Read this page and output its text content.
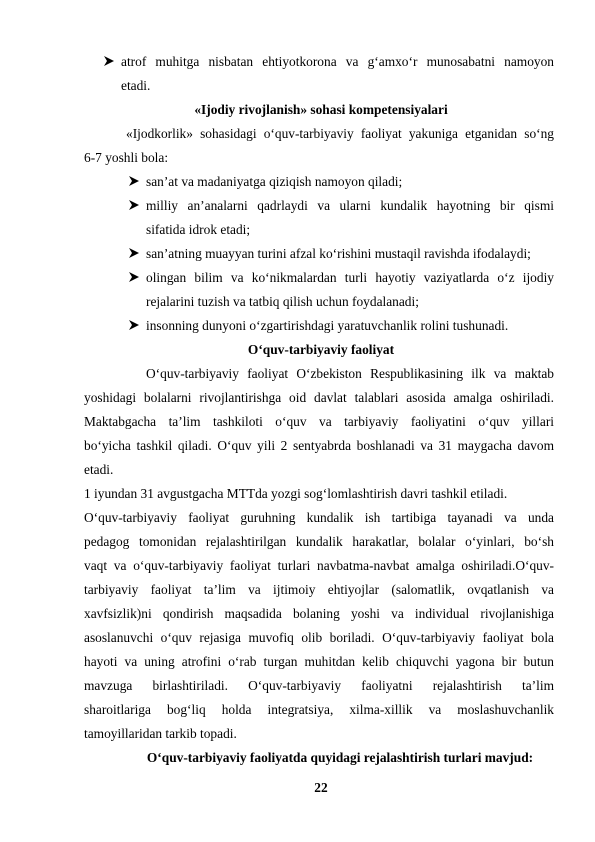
atrof muhitga nisbatan ehtiyotkorona va g‘amxo‘r munosabatni namoyon
etadi.
«Ijodiy rivojlanish» sohasi kompetensiyalari
«Ijodkorlik» sohasidagi o‘quv-tarbiyaviy faoliyat yakuniga etganidan so‘ng
6-7 yoshli bola:
san’at va madaniyatga qiziqish namoyon qiladi;
milliy an’analarni qadrlaydi va ularni kundalik hayotning bir qismi
sifatida idrok etadi;
san’atning muayyan turini afzal ko‘rishini mustaqil ravishda ifodalaydi;
olingan bilim va ko‘nikmalardan turli hayotiy vaziyatlarda o‘z ijodiy
rejalarini tuzish va tatbiq qilish uchun foydalanadi;
insonning dunyoni o‘zgartirishdagi yaratuvchanlik rolini tushunadi.
O‘quv-tarbiyaviy faoliyat
O‘quv-tarbiyaviy faoliyat O‘zbekiston Respublikasining ilk va maktab
yoshidagi bolalarni rivojlantirishga oid davlat talablari asosida amalga oshiriladi.
Maktabgacha ta’lim tashkiloti o‘quv va tarbiyaviy faoliyatini o‘quv yillari
bo‘yicha tashkil qiladi. O‘quv yili 2 sentyabrda boshlanadi va 31 maygacha davom
etadi.
1 iyundan 31 avgustgacha MTTda yozgi sog‘lomlashtirish davri tashkil etiladi.
O‘quv-tarbiyaviy faoliyat guruhning kundalik ish tartibiga tayanadi va unda
pedagog tomonidan rejalashtirilgan kundalik harakatlar, bolalar o‘yinlari, bo‘sh
vaqt va o‘quv-tarbiyaviy faoliyat turlari navbatma-navbat amalga oshiriladi.O‘quv-
tarbiyaviy faoliyat ta’lim va ijtimoiy ehtiyojlar (salomatlik, ovqatlanish va
xavfsizlik)ni qondirish maqsadida bolaning yoshi va individual rivojlanishiga
asoslanuvchi o‘quv rejasiga muvofiq olib boriladi. O‘quv-tarbiyaviy faoliyat bola
hayoti va uning atrofini o‘rab turgan muhitdan kelib chiquvchi yagona bir butun
mavzuga birlashtiriladi. O‘quv-tarbiyaviy faoliyatni rejalashtirish ta’lim
sharoitlariga bog‘liq holda integratsiya, xilma-xillik va moslashuvchanlik
tamoyillaridan tarkib topadi.
O‘quv-tarbiyaviy faoliyatda quyidagi rejalashtirish turlari mavjud:
22
